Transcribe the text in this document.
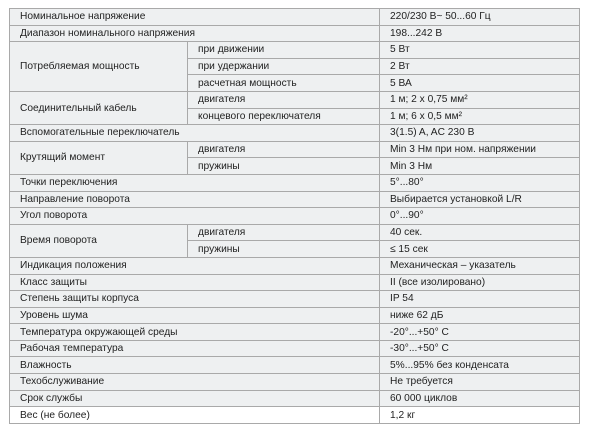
Номинальное напряжение		220/230 В~ 50...60 Гц
Диапазон номинального напряжения		198...242 В
Потребляемая мощность	при движении	5 Вт
	при удержании	2 Вт
	расчетная мощность	5 ВА
Соединительный кабель	двигателя	1 м; 2 x 0,75 мм²
	концевого переключателя	1 м; 6 x 0,5 мм²
Вспомогательные переключатель		3(1.5) A, AC 230 В
Крутящий момент	двигателя	Min 3 Нм при ном. напряжении
	пружины	Min 3 Нм
Точки переключения		5°...80°
Направление поворота		Выбирается установкой L/R
Угол поворота		0°...90°
Время поворота	двигателя	40 сек.
	пружины	≤ 15 сек
Индикация положения		Механическая – указатель
Класс защиты		II (все изолировано)
Степень защиты корпуса		IP 54
Уровень шума		ниже 62 дБ
Температура окружающей среды		-20°...+50° С
Рабочая температура		-30°...+50° С
Влажность		5%...95% без конденсата
Техобслуживание		Не требуется
Срок службы		60 000 циклов
Вес (не более)		1,2 кг
